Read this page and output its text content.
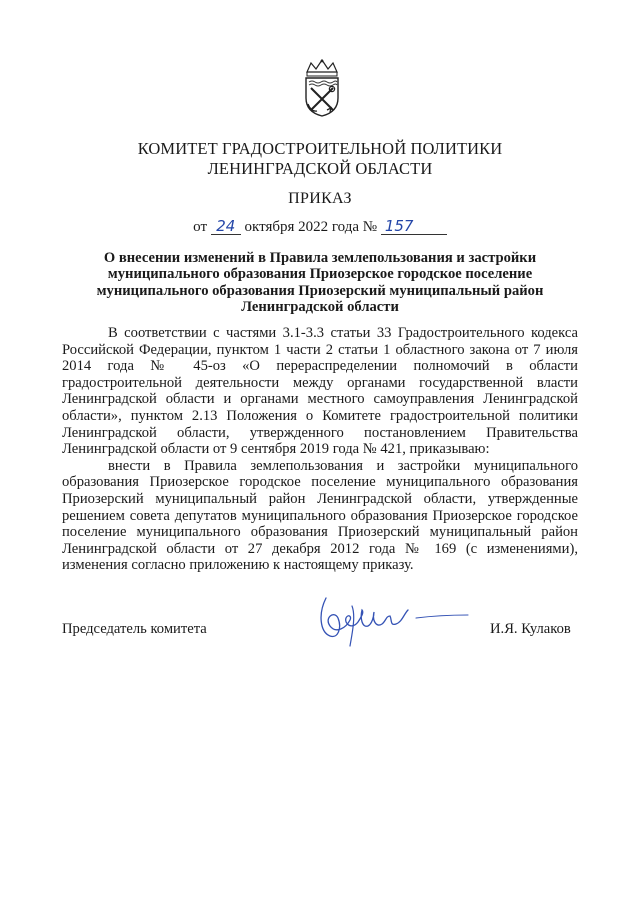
КОМИТЕТ ГРАДОСТРОИТЕЛЬНОЙ ПОЛИТИКИ
ЛЕНИНГРАДСКОЙ ОБЛАСТИ
ПРИКАЗ
от 24 октября 2022 года № 157
О внесении изменений в Правила землепользования и застройки
муниципального образования Приозерское городское поселение
муниципального образования Приозерский муниципальный район
Ленинградской области

В соответствии с частями 3.1-3.3 статьи 33 Градостроительного кодекса Российской Федерации, пунктом 1 части 2 статьи 1 областного закона от 7 июля 2014 года № 45-оз «О перераспределении полномочий в области градостроительной деятельности между органами государственной власти Ленинградской области и органами местного самоуправления Ленинградской области», пунктом 2.13 Положения о Комитете градостроительной политики Ленинградской области, утвержденного постановлением Правительства Ленинградской области от 9 сентября 2019 года № 421, приказываю:

внести в Правила землепользования и застройки муниципального образования Приозерское городское поселение муниципального образования Приозерский муниципальный район Ленинградской области, утвержденные решением совета депутатов муниципального образования Приозерское городское поселение муниципального образования Приозерский муниципальный район Ленинградской области от 27 декабря 2012 года № 169 (с изменениями), изменения согласно приложению к настоящему приказу.

Председатель комитета	И.Я. Кулаков
